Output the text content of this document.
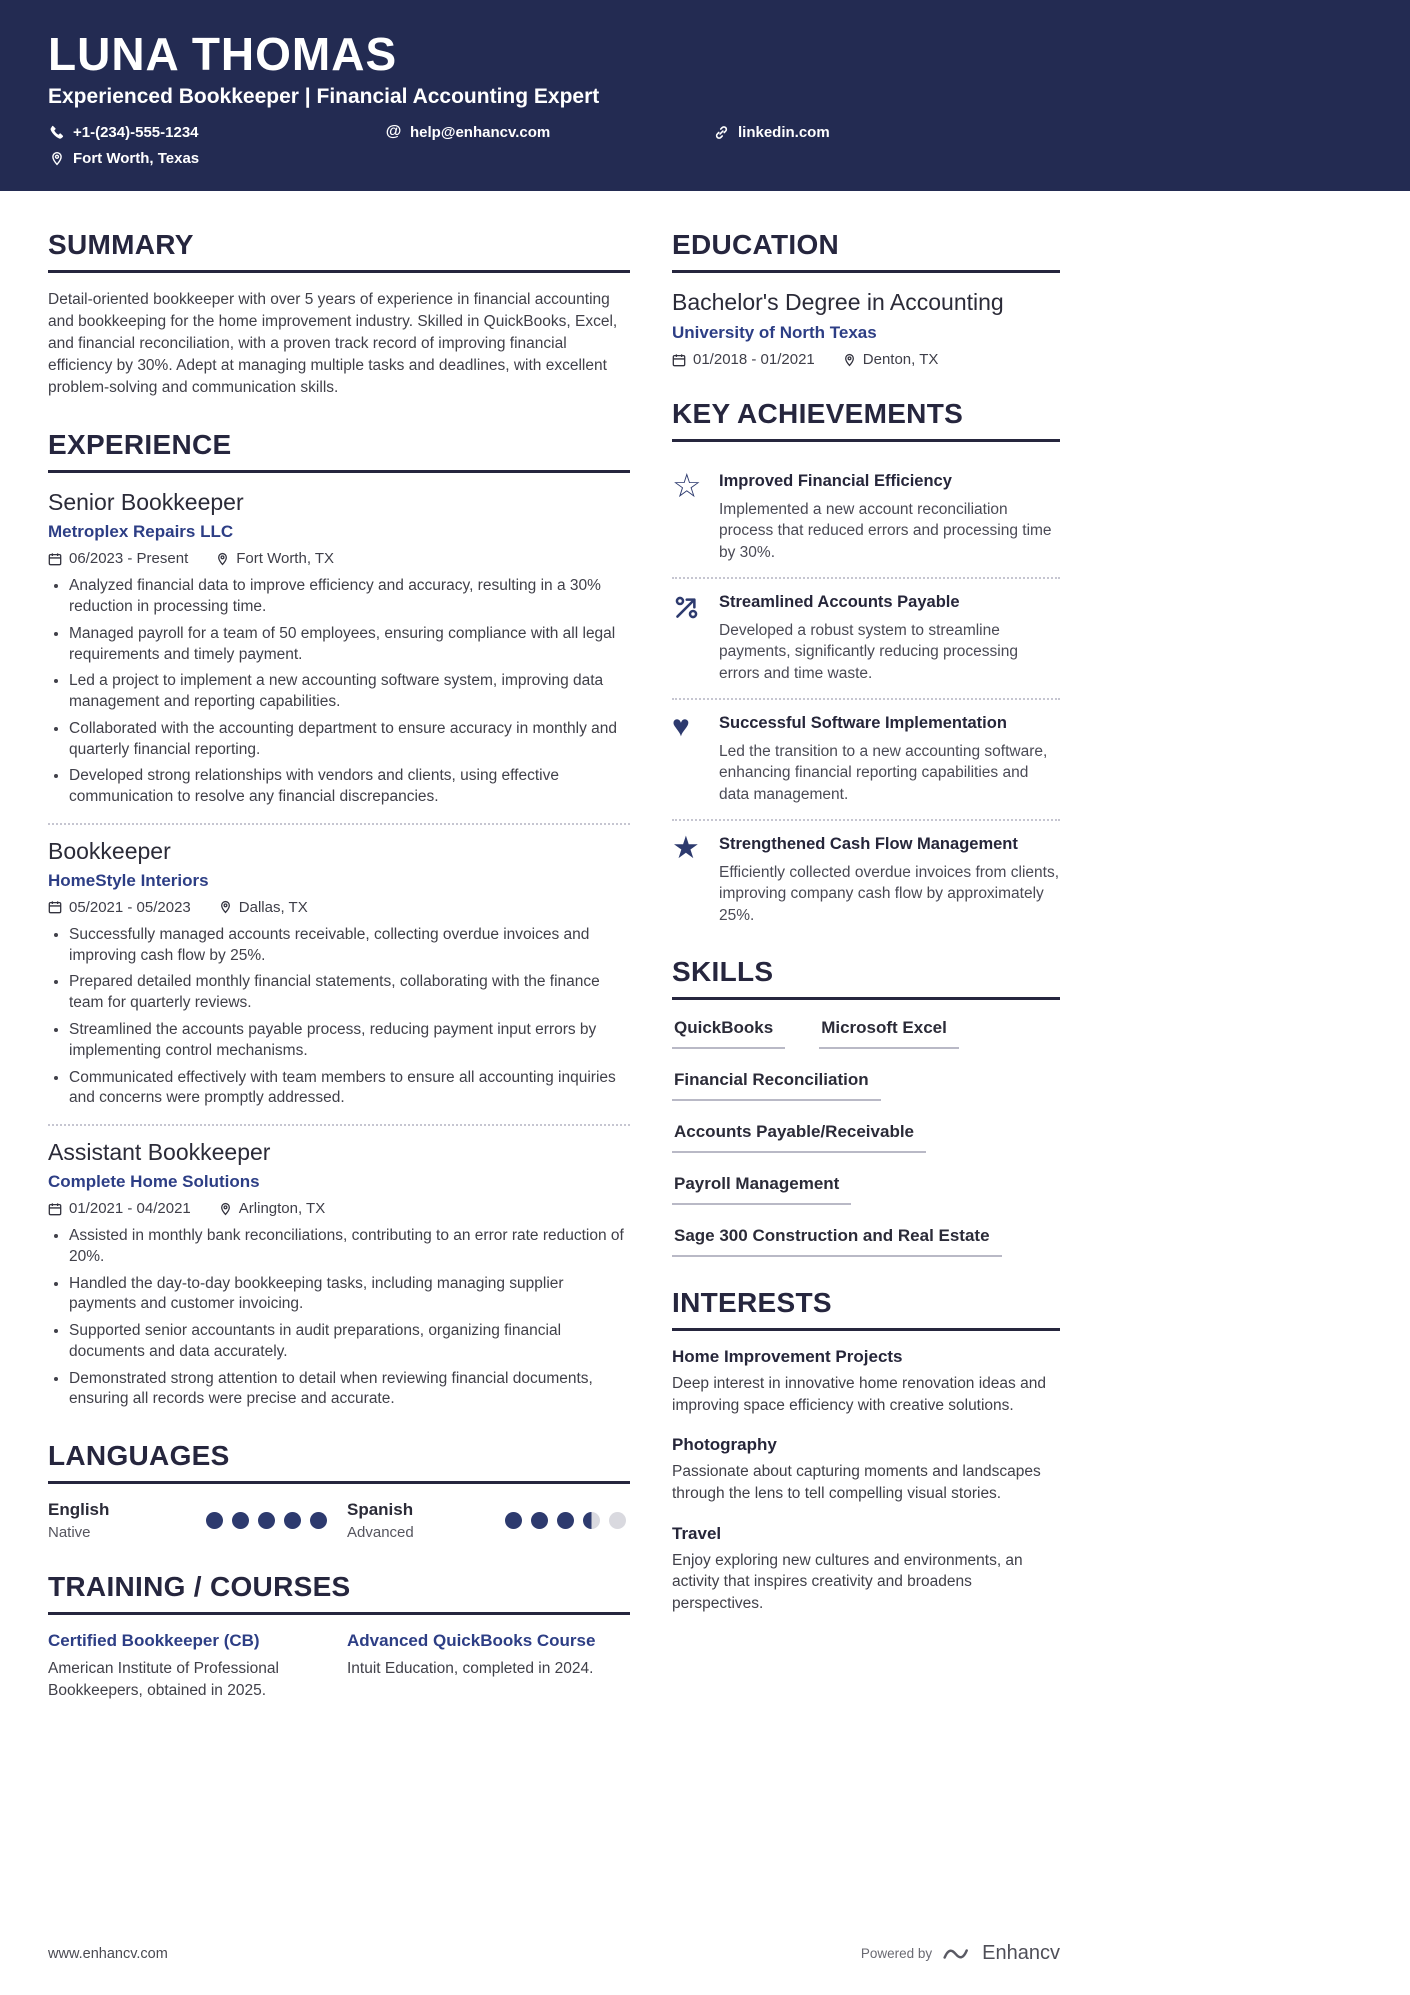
LUNA THOMAS
Experienced Bookkeeper | Financial Accounting Expert
+1-(234)-555-1234	@ help@enhancv.com	linkedin.com
Fort Worth, Texas
SUMMARY

Detail-oriented bookkeeper with over 5 years of experience in financial accounting and bookkeeping for the home improvement industry. Skilled in QuickBooks, Excel, and financial reconciliation, with a proven track record of improving financial efficiency by 30%. Adept at managing multiple tasks and deadlines, with excellent problem-solving and communication skills.

EXPERIENCE
Senior Bookkeeper
Metroplex Repairs LLC
06/2023 - Present	Fort Worth, TX
• Analyzed financial data to improve efficiency and accuracy, resulting in a 30% reduction in processing time.
• Managed payroll for a team of 50 employees, ensuring compliance with all legal requirements and timely payment.
• Led a project to implement a new accounting software system, improving data management and reporting capabilities.
• Collaborated with the accounting department to ensure accuracy in monthly and quarterly financial reporting.
• Developed strong relationships with vendors and clients, using effective communication to resolve any financial discrepancies.
Bookkeeper
HomeStyle Interiors
05/2021 - 05/2023	Dallas, TX
• Successfully managed accounts receivable, collecting overdue invoices and improving cash flow by 25%.
• Prepared detailed monthly financial statements, collaborating with the finance team for quarterly reviews.
• Streamlined the accounts payable process, reducing payment input errors by implementing control mechanisms.
• Communicated effectively with team members to ensure all accounting inquiries and concerns were promptly addressed.
Assistant Bookkeeper
Complete Home Solutions
01/2021 - 04/2021	Arlington, TX
• Assisted in monthly bank reconciliations, contributing to an error rate reduction of 20%.
• Handled the day-to-day bookkeeping tasks, including managing supplier payments and customer invoicing.
• Supported senior accountants in audit preparations, organizing financial documents and data accurately.
• Demonstrated strong attention to detail when reviewing financial documents, ensuring all records were precise and accurate.
LANGUAGES
English
Native
Spanish
Advanced
TRAINING / COURSES
Certified Bookkeeper (CB)
American Institute of Professional Bookkeepers, obtained in 2025.
Advanced QuickBooks Course
Intuit Education, completed in 2024.
EDUCATION
Bachelor's Degree in Accounting
University of North Texas
01/2018 - 01/2021	Denton, TX
KEY ACHIEVEMENTS
☆ Improved Financial Efficiency
Implemented a new account reconciliation process that reduced errors and processing time by 30%.
Streamlined Accounts Payable
Developed a robust system to streamline payments, significantly reducing processing errors and time waste.
♥ Successful Software Implementation
Led the transition to a new accounting software, enhancing financial reporting capabilities and data management.
★ Strengthened Cash Flow Management
Efficiently collected overdue invoices from clients, improving company cash flow by approximately 25%.
SKILLS
QuickBooks	Microsoft Excel
Financial Reconciliation
Accounts Payable/Receivable
Payroll Management
Sage 300 Construction and Real Estate
INTERESTS
Home Improvement Projects
Deep interest in innovative home renovation ideas and improving space efficiency with creative solutions.
Photography
Passionate about capturing moments and landscapes through the lens to tell compelling visual stories.
Travel
Enjoy exploring new cultures and environments, an activity that inspires creativity and broadens perspectives.
www.enhancv.com	Powered by	Enhancv
